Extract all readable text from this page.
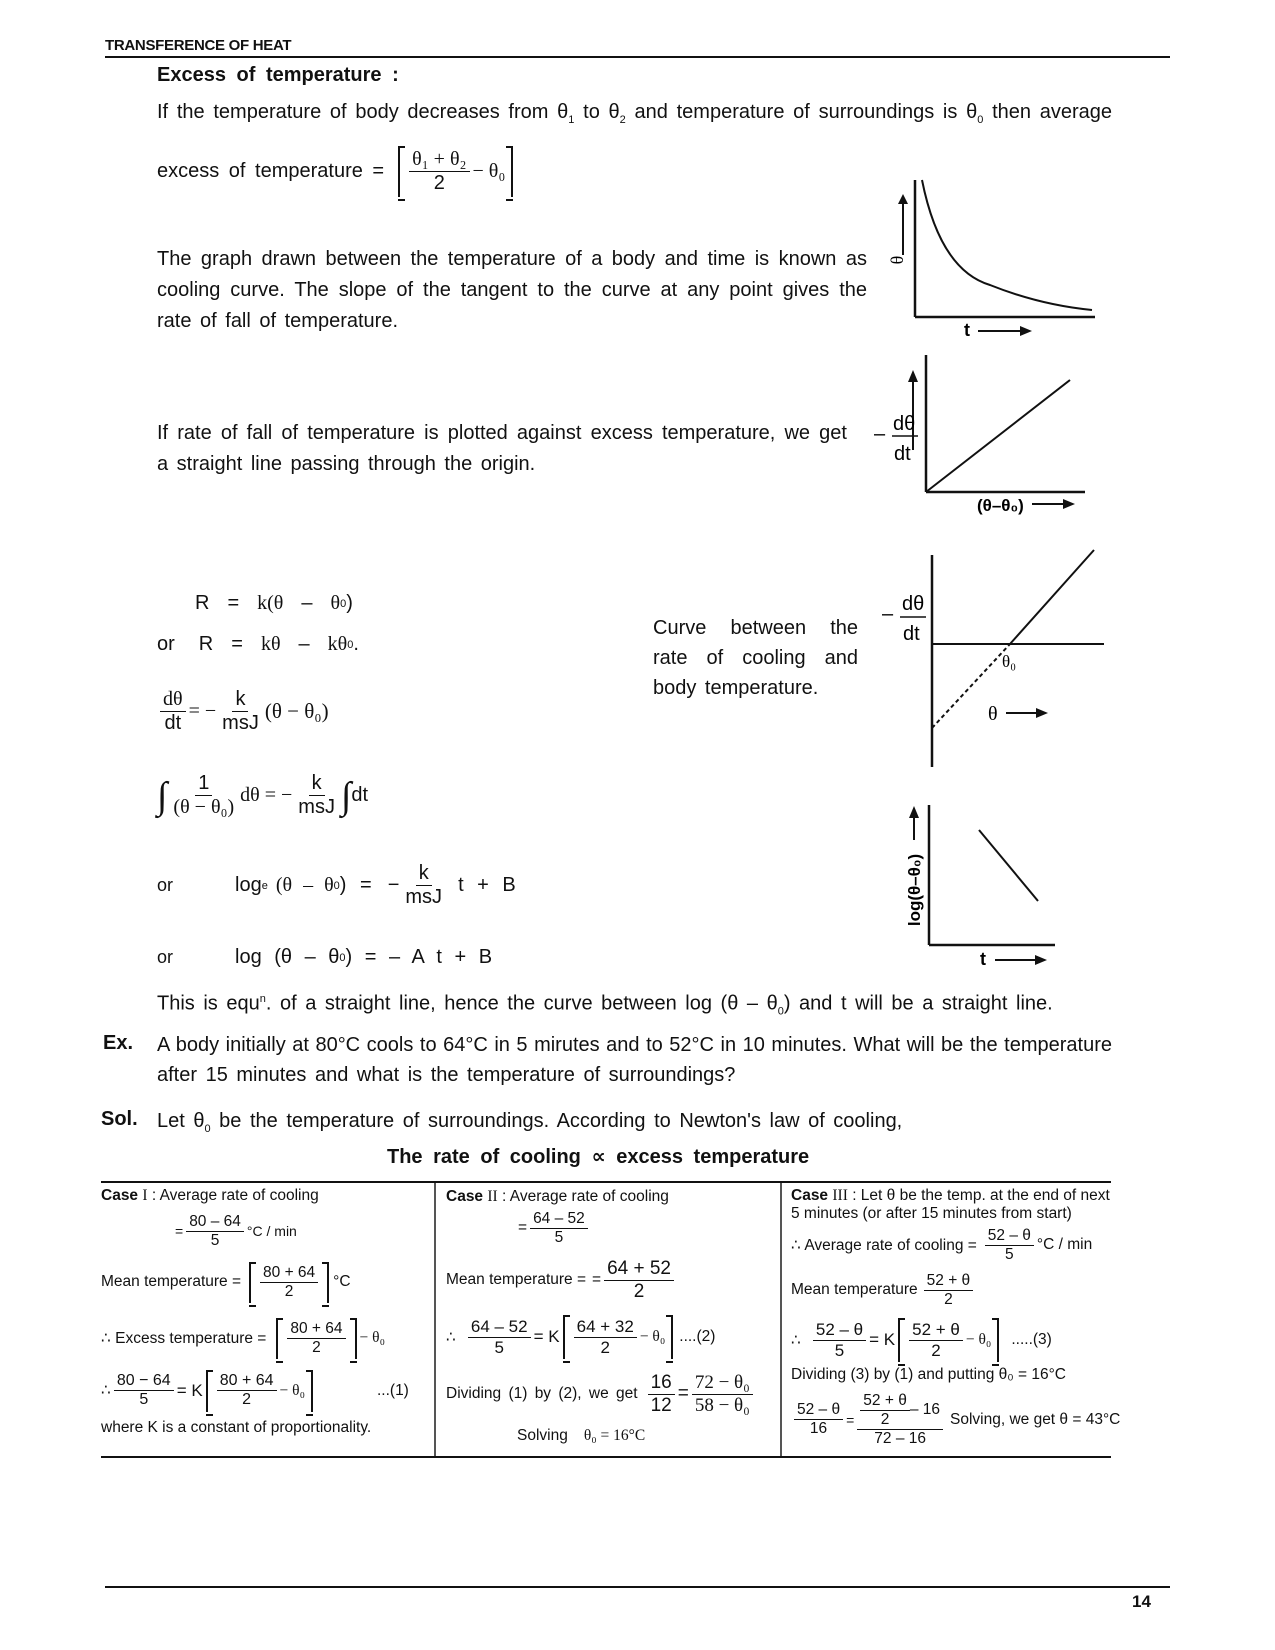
TRANSFERENCE OF HEAT
Excess of temperature :
If the temperature of body decreases from $\theta_1$ to $\theta_2$ and temperature of surroundings is $\theta_0$ then average
excess of temperature = $\frac{\text{θ₁ + θ₂}}{2} - \theta_0$
The graph drawn between the temperature of a body and time is known as cooling curve. The slope of the tangent to the curve at any point gives the rate of fall of temperature.
If rate of fall of temperature is plotted against excess temperature, we get a straight line passing through the origin.
θ
t
– dθ
dt
(θ–θ₀)
R = k(θ – θ 0 )
or R = kθ – kθ 0 .
$\frac{d\theta}{dt}$ = − $\frac{k}{\text{msJ}} (\theta - \theta_0)$
∫ $\frac{1}{\text{(θ − θ₀)}}$ dθ = − $\frac{k}{\text{msJ}}$ ∫ dt
or	log e (θ – θ 0 ) = − $\frac{k}{\text{msJ}}$ t + B
or	log (θ – θ 0 ) = – A t + B
This is equ$^n$. of a straight line, hence the curve between $\log (\theta - \theta_0)$ and t will be a straight line.
Curve between the rate of cooling and body temperature.
– dθ
dt
θ₀
θ
log(θ–θ₀)
t
Ex. A body initially at 80°C cools to 64°C in 5 mirutes and to 52°C in 10 minutes. What will be the temperature
after 15 minutes and what is the temperature of surroundings?
Sol. Let $\theta_0$ be the temperature of surroundings. According to Newton's law of cooling,
The rate of cooling ∝ excess temperature
Case I : Average rate of cooling
= $\frac{80 - 64}{5} ^\circ C$ / min
Mean temperature = $\frac{80 + 64}{2} ^\circ C$
∴ Excess temperature = $\frac{80 + 64}{2} - \theta_0$
∴ $\frac{80 - 64}{5} = K \frac{80 + 64}{2} - \theta_0$	...(1)
where K is a constant of proportionality.
Case II : Average rate of cooling
= $\frac{64 - 52}{5}$
Mean temperature = = $\frac{64 + 52}{2}$
∴ $\frac{64 - 52}{5} = K \frac{64 + 32}{2} - \theta_0$ ....(2)
Dividing (1) by (2), we get $\frac{16}{12} = \frac{\text{72 − θ₀}}{\text{58 − θ₀}}$
Solving θ₀ = 16°C
Case III : Let θ be the temp. at the end of next 5 minutes (or after 15 minutes from start)
∴ Average rate of cooling = $\frac{52 - \theta}{5} ^\circ C$ / min
Mean temperature $\frac{52 + \theta}{2}$
∴ $\frac{52 - \theta}{5} = K \frac{52 + \theta}{2} - \theta_0$ .....(3)
Dividing (3) by (1) and putting θ₀ = 16°C
$\frac{52 - \theta}{16} = \frac{\frac{52 + \theta}{2} - 16}{72 - 16}$ Solving, we get θ = 43°C
14
